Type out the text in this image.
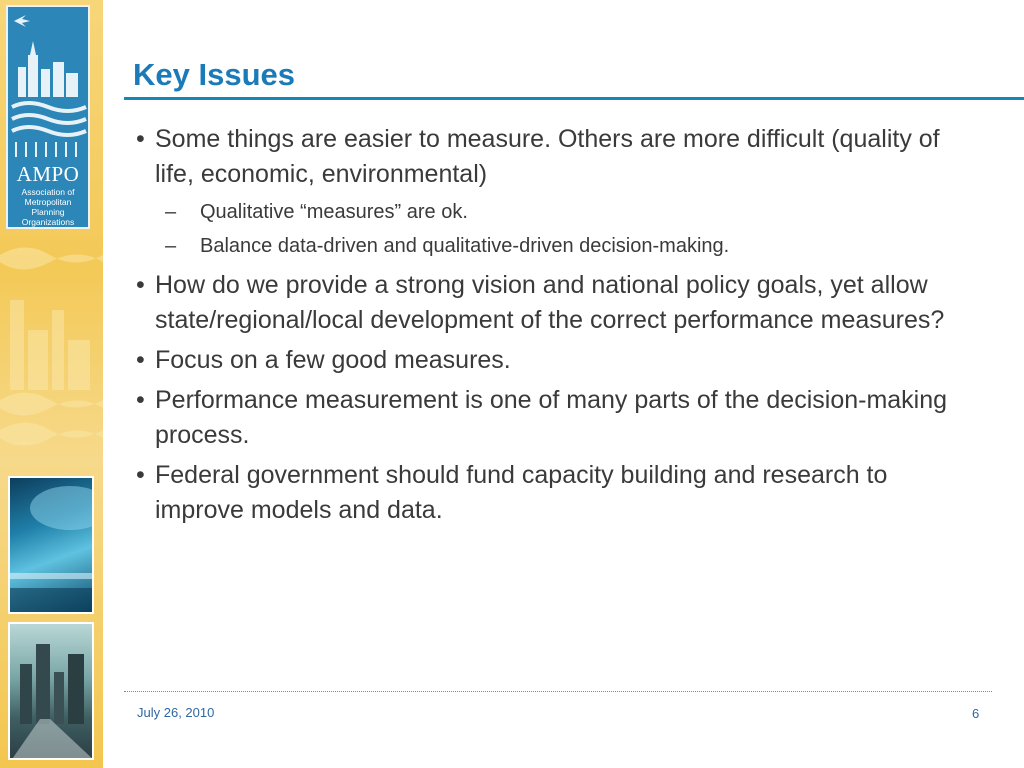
AMPO
Association of
Metropolitan
Planning
Organizations
Key Issues
• Some things are easier to measure. Others are more difficult (quality of life, economic, environmental)
– Qualitative “measures” are ok.
– Balance data-driven and qualitative-driven decision-making.
• How do we provide a strong vision and national policy goals, yet allow state/regional/local development of the correct performance measures?
• Focus on a few good measures.
• Performance measurement is one of many parts of the decision-making process.
• Federal government should fund capacity building and research to improve models and data.
July 26, 2010	6
